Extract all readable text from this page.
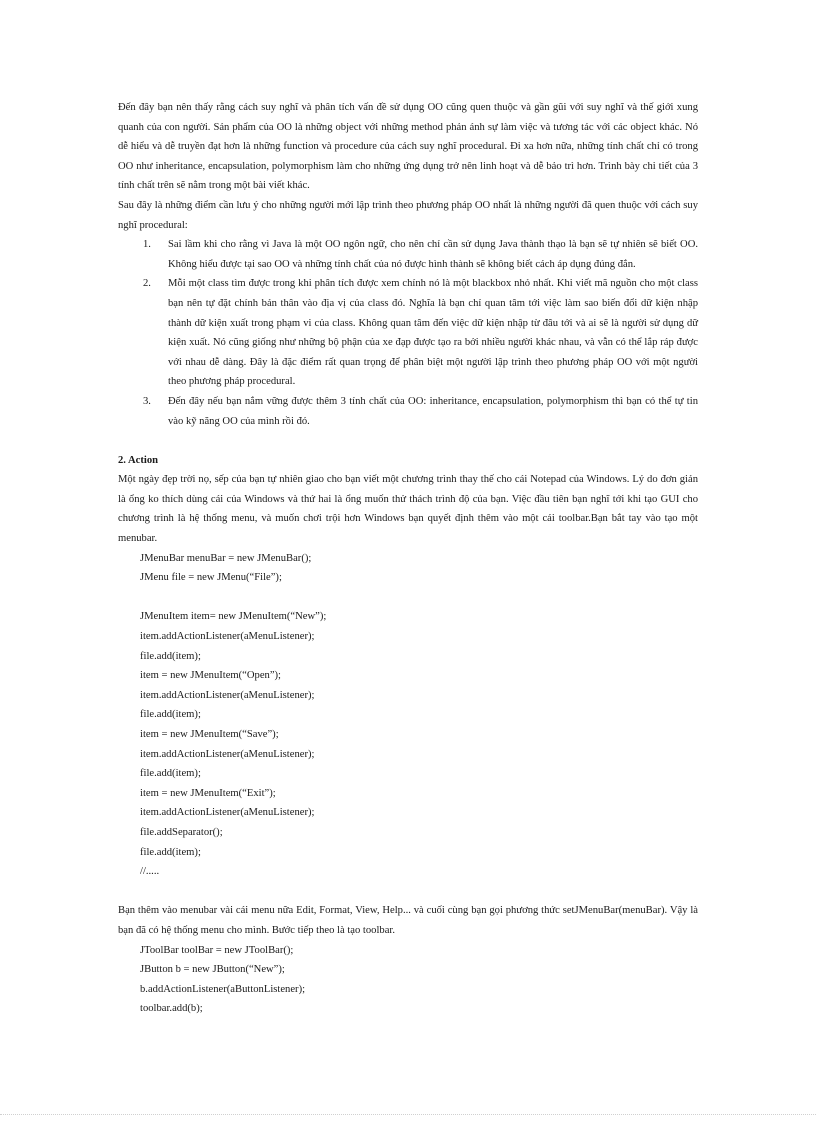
Đến đây bạn nên thấy rằng cách suy nghĩ và phân tích vấn đề sử dụng OO cũng quen thuộc và gần gũi với suy nghĩ và thế giới xung quanh của con người. Sản phẩm của OO là những object với những method phản ánh sự làm việc và tương tác với các object khác. Nó dễ hiểu và dễ truyền đạt hơn là những function và procedure của cách suy nghĩ procedural. Đi xa hơn nữa, những tính chất chỉ có trong OO như inheritance, encapsulation, polymorphism làm cho những ứng dụng trở nên linh hoạt và dễ bảo trì hơn. Trình bày chi tiết của 3 tính chất trên sẽ nằm trong một bài viết khác.

Sau đây là những điểm cần lưu ý cho những người mới lập trình theo phương pháp OO nhất là những người đã quen thuộc với cách suy nghĩ procedural:

1. Sai lầm khi cho rằng vì Java là một OO ngôn ngữ, cho nên chỉ cần sử dụng Java thành thạo là bạn sẽ tự nhiên sẽ biết OO. Không hiểu được tại sao OO và những tính chất của nó được hình thành sẽ không biết cách áp dụng đúng đắn.
2. Mỗi một class tìm được trong khi phân tích được xem chính nó là một blackbox nhỏ nhất. Khi viết mã nguồn cho một class bạn nên tự đặt chính bản thân vào địa vị của class đó. Nghĩa là bạn chỉ quan tâm tới việc làm sao biến đổi dữ kiện nhập thành dữ kiện xuất trong phạm vi của class. Không quan tâm đến việc dữ kiện nhập từ đâu tới và ai sẽ là người sử dụng dữ kiện xuất. Nó cũng giống như những bộ phận của xe đạp được tạo ra bởi nhiều người khác nhau, và vẫn có thể lắp ráp được với nhau dễ dàng. Đây là đặc điểm rất quan trọng để phân biệt một người lập trình theo phương pháp OO với một người theo phương pháp procedural.
3. Đến đây nếu bạn nắm vững được thêm 3 tính chất của OO: inheritance, encapsulation, polymorphism thì bạn có thể tự tin vào kỹ năng OO của mình rồi đó.

2. Action

Một ngày đẹp trời nọ, sếp của bạn tự nhiên giao cho bạn viết một chương trình thay thế cho cái Notepad của Windows. Lý do đơn giản là ổng ko thích dùng cái của Windows và thứ hai là ổng muốn thử thách trình độ của bạn. Việc đầu tiên bạn nghĩ tới khi tạo GUI cho chương trình là hệ thống menu, và muốn chơi trội hơn Windows bạn quyết định thêm vào một cái toolbar.Bạn bắt tay vào tạo một menubar.

JMenuBar menuBar = new JMenuBar();
JMenu file = new JMenu(“File”);

JMenuItem item= new JMenuItem(“New”);
item.addActionListener(aMenuListener);
file.add(item);
item = new JMenuItem(“Open”);
item.addActionListener(aMenuListener);
file.add(item);
item = new JMenuItem(“Save”);
item.addActionListener(aMenuListener);
file.add(item);
item = new JMenuItem(“Exit”);
item.addActionListener(aMenuListener);
file.addSeparator();
file.add(item);
//.....

Bạn thêm vào menubar vài cái menu nữa Edit, Format, View, Help... và cuối cùng bạn gọi phương thức setJMenuBar(menuBar). Vậy là bạn đã có hệ thống menu cho mình. Bước tiếp theo là tạo toolbar.

JToolBar toolBar = new JToolBar();
JButton b = new JButton(“New”);
b.addActionListener(aButtonListener);
toolbar.add(b);
